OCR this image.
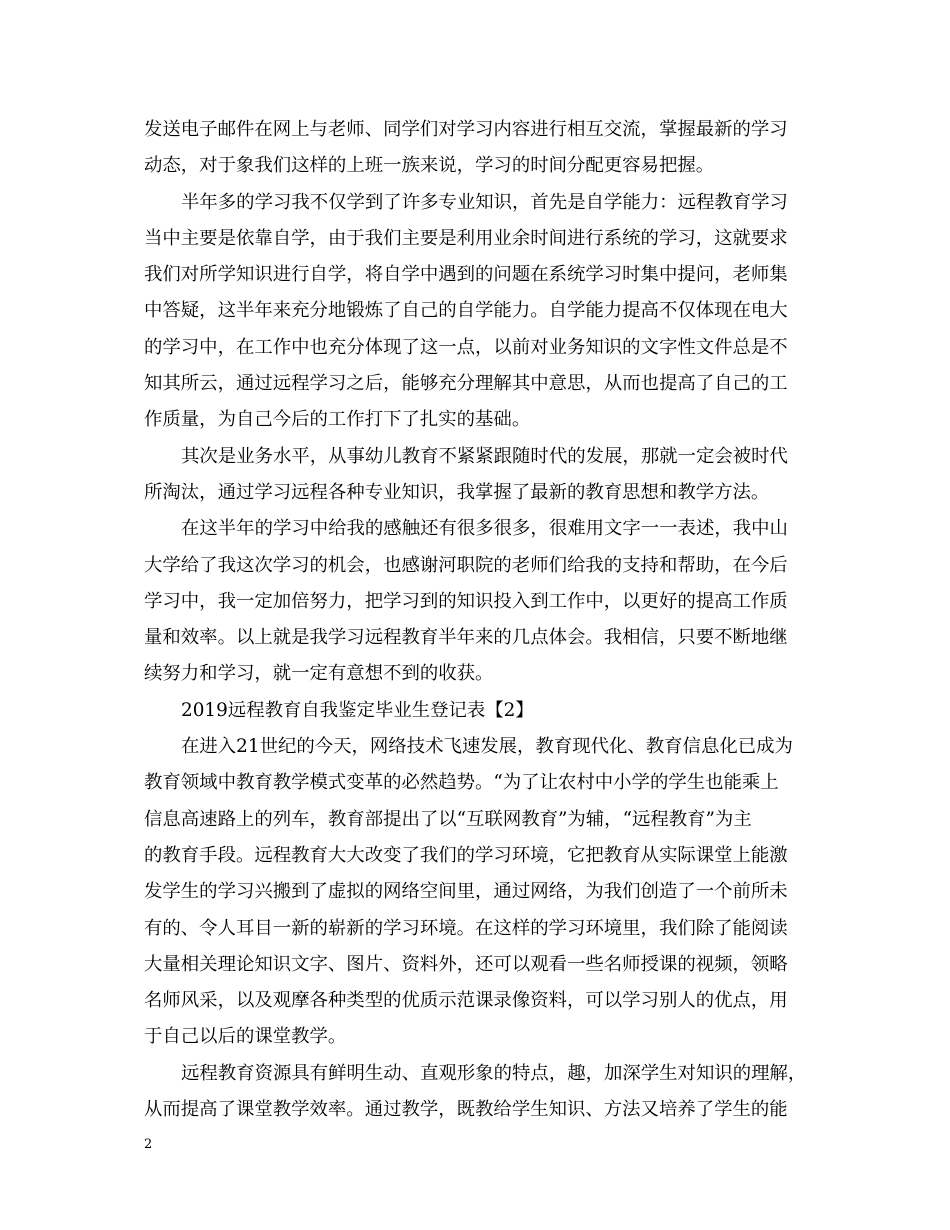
发送电子邮件在网上与老师、同学们对学习内容进行相互交流，掌握最新的学习
动态，对于象我们这样的上班一族来说，学习的时间分配更容易把握。
半年多的学习我不仅学到了许多专业知识，首先是自学能力：远程教育学习
当中主要是依靠自学，由于我们主要是利用业余时间进行系统的学习，这就要求
我们对所学知识进行自学，将自学中遇到的问题在系统学习时集中提问，老师集
中答疑，这半年来充分地锻炼了自己的自学能力。自学能力提高不仅体现在电大
的学习中，在工作中也充分体现了这一点，以前对业务知识的文字性文件总是不
知其所云，通过远程学习之后，能够充分理解其中意思，从而也提高了自己的工
作质量，为自己今后的工作打下了扎实的基础。
其次是业务水平，从事幼儿教育不紧紧跟随时代的发展，那就一定会被时代
所淘汰，通过学习远程各种专业知识，我掌握了最新的教育思想和教学方法。
在这半年的学习中给我的感触还有很多很多，很难用文字一一表述，我中山
大学给了我这次学习的机会，也感谢河职院的老师们给我的支持和帮助，在今后
学习中，我一定加倍努力，把学习到的知识投入到工作中，以更好的提高工作质
量和效率。以上就是我学习远程教育半年来的几点体会。我相信，只要不断地继
续努力和学习，就一定有意想不到的收获。
2019远程教育自我鉴定毕业生登记表【2】
在进入21世纪的今天，网络技术飞速发展，教育现代化、教育信息化已成为
教育领域中教育教学模式变革的必然趋势。“为了让农村中小学的学生也能乘上
信息高速路上的列车，教育部提出了以“互联网教育”为辅，“远程教育”为主
的教育手段。远程教育大大改变了我们的学习环境，它把教育从实际课堂上能激
发学生的学习兴搬到了虚拟的网络空间里，通过网络，为我们创造了一个前所未
有的、令人耳目一新的崭新的学习环境。在这样的学习环境里，我们除了能阅读
大量相关理论知识文字、图片、资料外，还可以观看一些名师授课的视频，领略
名师风采，以及观摩各种类型的优质示范课录像资料，可以学习别人的优点，用
于自己以后的课堂教学。
远程教育资源具有鲜明生动、直观形象的特点，趣，加深学生对知识的理解，
从而提高了课堂教学效率。通过教学，既教给学生知识、方法又培养了学生的能
2
